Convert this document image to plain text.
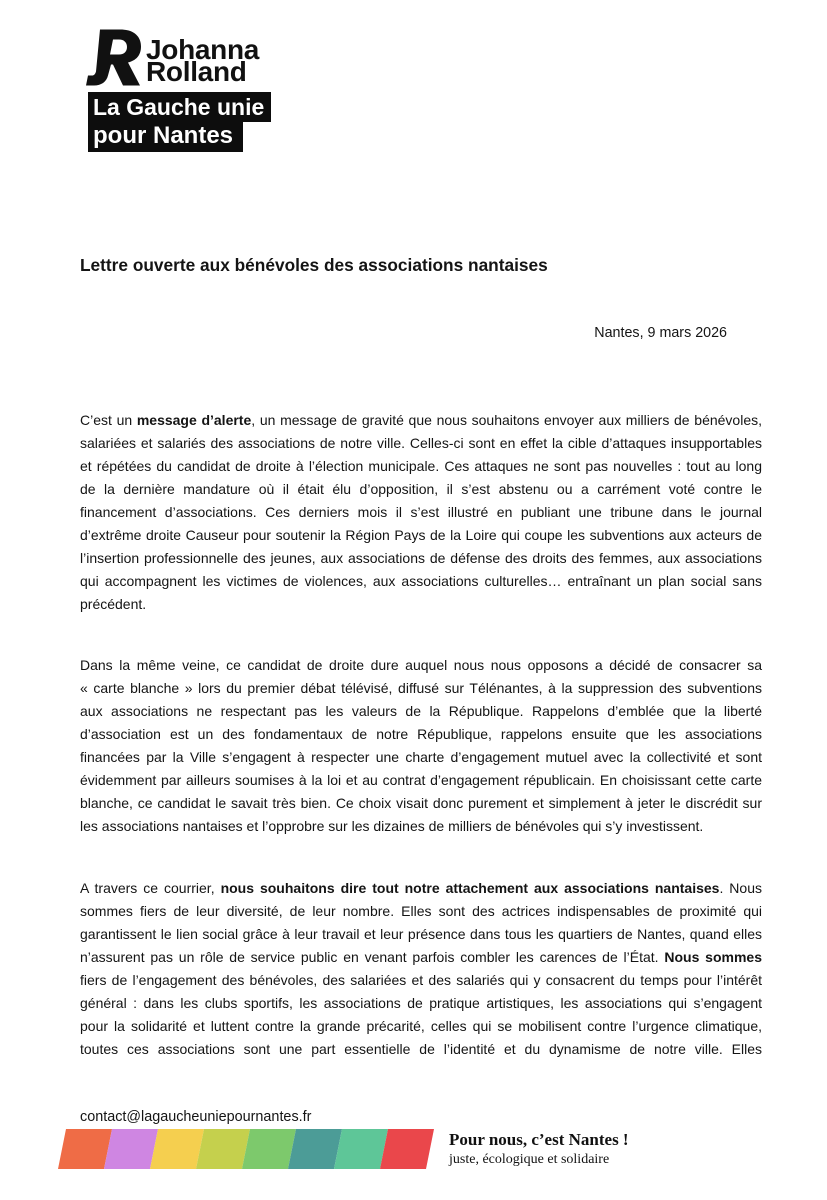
Johanna
Rolland
La Gauche unie
pour Nantes
Lettre ouverte aux bénévoles des associations nantaises
Nantes, 9 mars 2026
C’est un message d’alerte, un message de gravité que nous souhaitons envoyer aux milliers de bénévoles,
salariées et salariés des associations de notre ville. Celles-ci sont en effet la cible d’attaques insupportables
et répétées du candidat de droite à l’élection municipale. Ces attaques ne sont pas nouvelles : tout au long
de la dernière mandature où il était élu d’opposition, il s’est abstenu ou a carrément voté contre le
financement d’associations. Ces derniers mois il s’est illustré en publiant une tribune dans le journal
d’extrême droite Causeur pour soutenir la Région Pays de la Loire qui coupe les subventions aux acteurs de
l’insertion professionnelle des jeunes, aux associations de défense des droits des femmes, aux associations
qui accompagnent les victimes de violences, aux associations culturelles… entraînant un plan social sans
précédent.
Dans la même veine, ce candidat de droite dure auquel nous nous opposons a décidé de consacrer sa
« carte blanche » lors du premier débat télévisé, diffusé sur Télénantes, à la suppression des subventions
aux associations ne respectant pas les valeurs de la République. Rappelons d’emblée que la liberté
d’association est un des fondamentaux de notre République, rappelons ensuite que les associations
financées par la Ville s’engagent à respecter une charte d’engagement mutuel avec la collectivité et sont
évidemment par ailleurs soumises à la loi et au contrat d’engagement républicain. En choisissant cette carte
blanche, ce candidat le savait très bien. Ce choix visait donc purement et simplement à jeter le discrédit sur
les associations nantaises et l’opprobre sur les dizaines de milliers de bénévoles qui s’y investissent.
A travers ce courrier, nous souhaitons dire tout notre attachement aux associations nantaises. Nous
sommes fiers de leur diversité, de leur nombre. Elles sont des actrices indispensables de proximité qui
garantissent le lien social grâce à leur travail et leur présence dans tous les quartiers de Nantes, quand elles
n’assurent pas un rôle de service public en venant parfois combler les carences de l’État. Nous sommes
fiers de l’engagement des bénévoles, des salariées et des salariés qui y consacrent du temps pour l’intérêt
général : dans les clubs sportifs, les associations de pratique artistiques, les associations qui s’engagent
pour la solidarité et luttent contre la grande précarité, celles qui se mobilisent contre l’urgence climatique,
toutes ces associations sont une part essentielle de l’identité et du dynamisme de notre ville. Elles
contact@lagaucheuniepournantes.fr
Pour nous, c’est Nantes !
juste, écologique et solidaire
